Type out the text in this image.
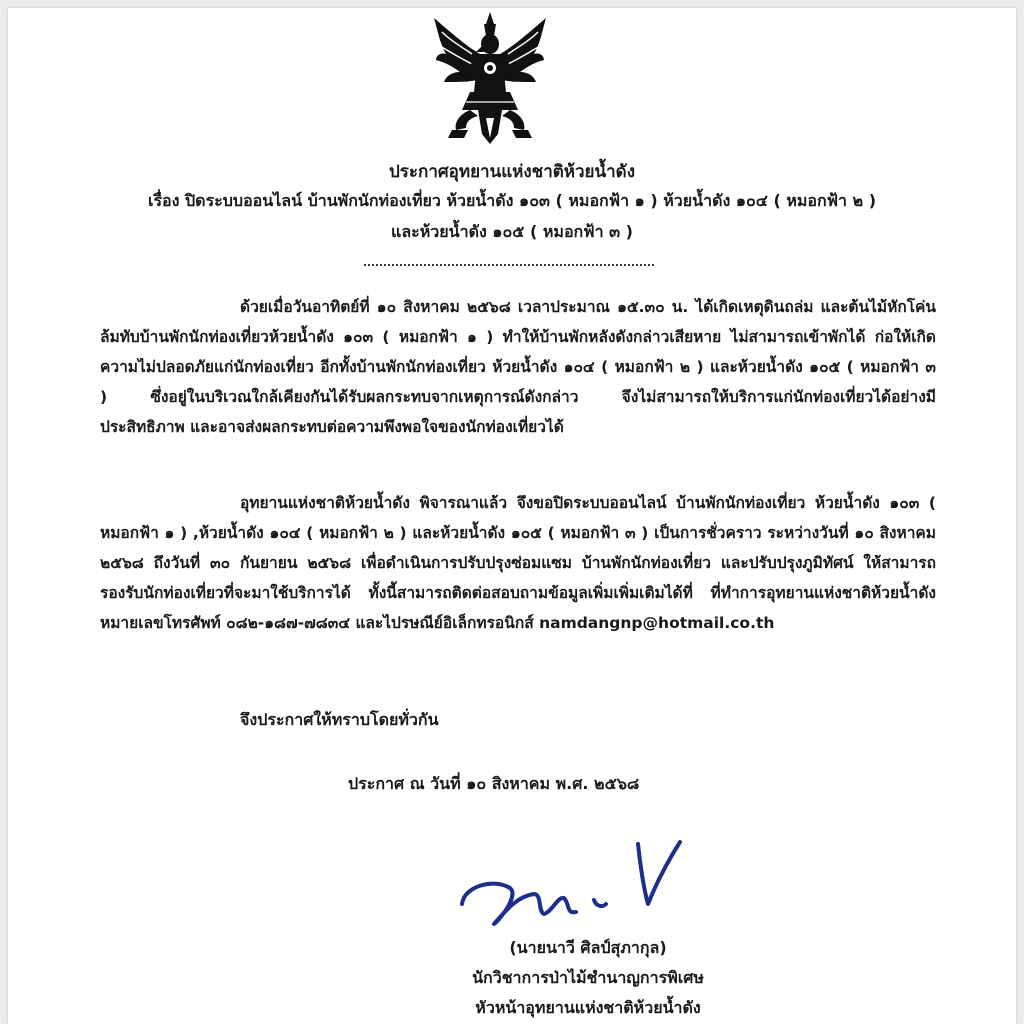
ประกาศอุทยานแห่งชาติห้วยน้ำดัง
เรื่อง ปิดระบบออนไลน์ บ้านพักนักท่องเที่ยว ห้วยน้ำดัง ๑๐๓ ( หมอกฟ้า ๑ ) ห้วยน้ำดัง ๑๐๔ ( หมอกฟ้า ๒ )
และห้วยน้ำดัง ๑๐๕ ( หมอกฟ้า ๓ )

ด้วยเมื่อวันอาทิตย์ที่ ๑๐ สิงหาคม ๒๕๖๘ เวลาประมาณ ๑๕.๓๐ น. ได้เกิดเหตุดินถล่ม และต้นไม้หักโค่นล้มทับบ้านพักนักท่องเที่ยวห้วยน้ำดัง ๑๐๓ ( หมอกฟ้า ๑ ) ทำให้บ้านพักหลังดังกล่าวเสียหาย ไม่สามารถเข้าพักได้ ก่อให้เกิดความไม่ปลอดภัยแก่นักท่องเที่ยว อีกทั้งบ้านพักนักท่องเที่ยว ห้วยน้ำดัง ๑๐๔ ( หมอกฟ้า ๒ ) และห้วยน้ำดัง ๑๐๕ ( หมอกฟ้า ๓ ) ซึ่งอยู่ในบริเวณใกล้เคียงกันได้รับผลกระทบจากเหตุการณ์ดังกล่าว จึงไม่สามารถให้บริการแก่นักท่องเที่ยวได้อย่างมีประสิทธิภาพ และอาจส่งผลกระทบต่อความพึงพอใจของนักท่องเที่ยวได้

อุทยานแห่งชาติห้วยน้ำดัง พิจารณาแล้ว จึงขอปิดระบบออนไลน์ บ้านพักนักท่องเที่ยว ห้วยน้ำดัง ๑๐๓ ( หมอกฟ้า ๑ ) ,ห้วยน้ำดัง ๑๐๔ ( หมอกฟ้า ๒ ) และห้วยน้ำดัง ๑๐๕ ( หมอกฟ้า ๓ ) เป็นการชั่วคราว ระหว่างวันที่ ๑๐ สิงหาคม ๒๕๖๘ ถึงวันที่ ๓๐ กันยายน ๒๕๖๘ เพื่อดำเนินการปรับปรุงซ่อมแซม บ้านพักนักท่องเที่ยว และปรับปรุงภูมิทัศน์ ให้สามารถรองรับนักท่องเที่ยวที่จะมาใช้บริการได้ ทั้งนี้สามารถติดต่อสอบถามข้อมูลเพิ่มเพิ่มเติมได้ที่ ที่ทำการอุทยานแห่งชาติห้วยน้ำดัง หมายเลขโทรศัพท์ ๐๘๒-๑๘๗-๗๘๓๔ และไปรษณีย์อิเล็กทรอนิกส์ namdangnp@hotmail.co.th

จึงประกาศให้ทราบโดยทั่วกัน
ประกาศ ณ วันที่ ๑๐ สิงหาคม พ.ศ. ๒๕๖๘
(นายนาวี ศิลป์สุภากุล)
นักวิชาการป่าไม้ชำนาญการพิเศษ
หัวหน้าอุทยานแห่งชาติห้วยน้ำดัง
